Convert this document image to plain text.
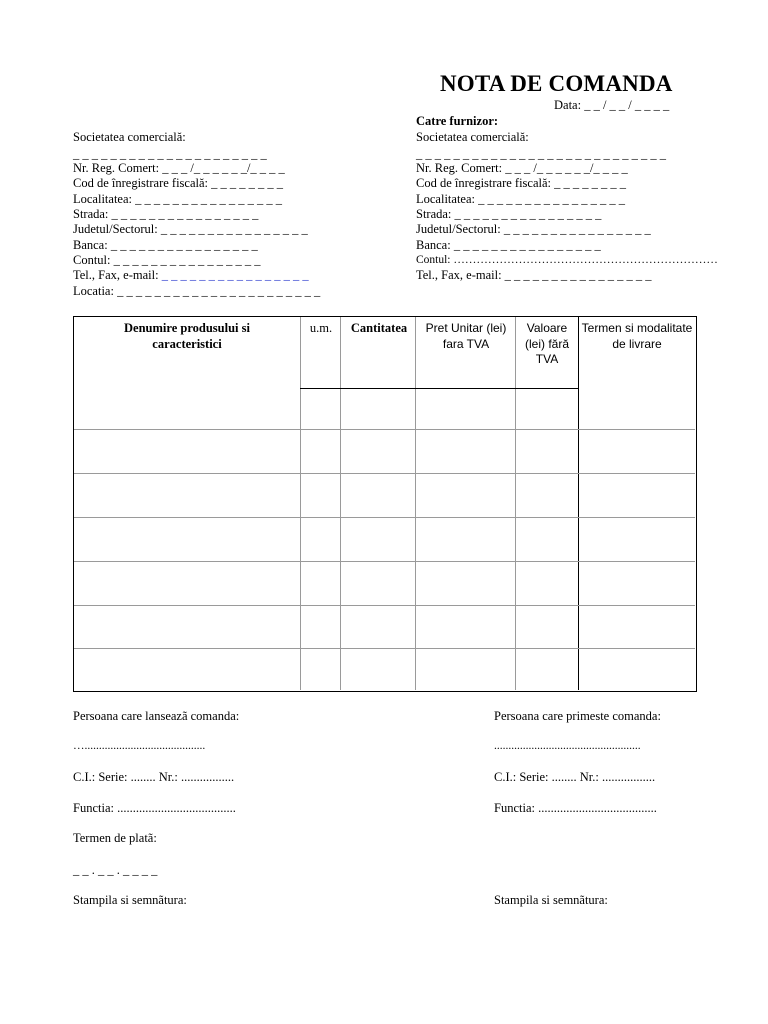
NOTA DE COMANDA
Data: _ _ / _ _ / _ _ _ _
Societatea comercială:
_ _ _ _ _ _ _ _ _ _ _ _ _ _ _ _ _ _ _ _ _
Nr. Reg. Comert: _ _ _ /_ _ _ _ _ _/_ _ _ _
Cod de înregistrare fiscală: _ _ _ _ _ _ _ _
Localitatea: _ _ _ _ _ _ _ _ _ _ _ _ _ _ _ _
Strada: _ _ _ _ _ _ _ _ _ _ _ _ _ _ _ _
Judetul/Sectorul: _ _ _ _ _ _ _ _ _ _ _ _ _ _ _ _
Banca: _ _ _ _ _ _ _ _ _ _ _ _ _ _ _ _
Contul: _ _ _ _ _ _ _ _ _ _ _ _ _ _ _ _
Tel., Fax, e-mail: _ _ _ _ _ _ _ _ _ _ _ _ _ _ _ _
Locatia: _ _ _ _ _ _ _ _ _ _ _ _ _ _ _ _ _ _ _ _ _ _
Catre furnizor:
Societatea comercială:
_ _ _ _ _ _ _ _ _ _ _ _ _ _ _ _ _ _ _ _ _ _ _ _ _ _ _
Nr. Reg. Comert: _ _ _ /_ _ _ _ _ _/_ _ _ _
Cod de înregistrare fiscală: _ _ _ _ _ _ _ _
Localitatea: _ _ _ _ _ _ _ _ _ _ _ _ _ _ _ _
Strada: _ _ _ _ _ _ _ _ _ _ _ _ _ _ _ _
Judetul/Sectorul: _ _ _ _ _ _ _ _ _ _ _ _ _ _ _ _
Banca: _ _ _ _ _ _ _ _ _ _ _ _ _ _ _ _
Contul: ……………………………………………………………
Tel., Fax, e-mail: _ _ _ _ _ _ _ _ _ _ _ _ _ _ _ _
Denumire produsului si caracteristici
u.m.	Cantitatea	Pret Unitar (lei) fara TVA
Valoare (lei) fără TVA
Termen si modalitate de livrare
Persoana care lanseazã comanda:
…..........................................
C.I.: Serie: ........ Nr.: .................
Functia: ......................................
Termen de platã:
_ _ . _ _ . _ _ _ _
Stampila si semnãtura:
Persoana care primeste comanda:
...................................................
C.I.: Serie: ........ Nr.: .................
Functia: ......................................
Stampila si semnãtura:
